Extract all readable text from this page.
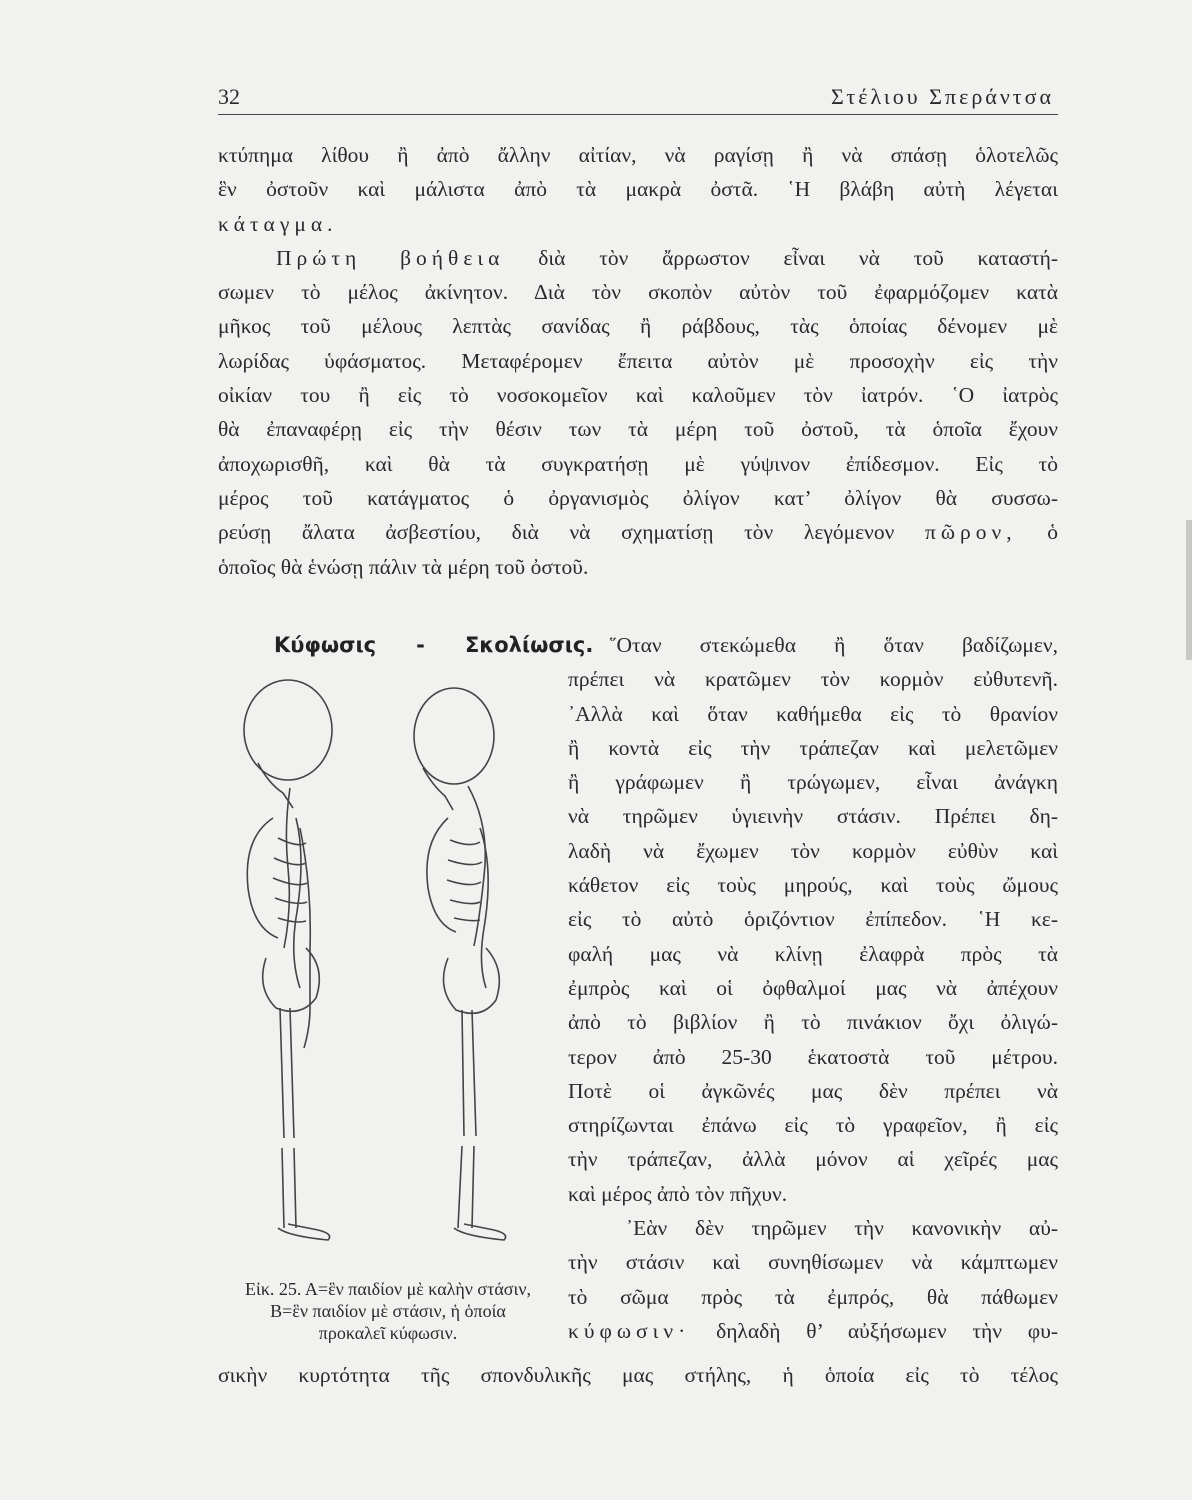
32	Στέλιου Σπεράντσα
κτύπημα λίθου ἢ ἀπὸ ἄλλην αἰτίαν, νὰ ραγίσῃ ἢ νὰ σπάσῃ ὁλοτελῶς
ἓν ὀστοῦν καὶ μάλιστα ἀπὸ τὰ μακρὰ ὀστᾶ. ῾Η βλάβη αὐτὴ λέγεται
κάταγμα.
Πρώτη βοήθεια διὰ τὸν ἄρρωστον εἶναι νὰ τοῦ καταστή-
σωμεν τὸ μέλος ἀκίνητον. Διὰ τὸν σκοπὸν αὐτὸν τοῦ ἐφαρμόζομεν κατὰ
μῆκος τοῦ μέλους λεπτὰς σανίδας ἢ ράβδους, τὰς ὁποίας δένομεν μὲ
λωρίδας ὑφάσματος. Μεταφέρομεν ἔπειτα αὐτὸν μὲ προσοχὴν εἰς τὴν
οἰκίαν του ἢ εἰς τὸ νοσοκομεῖον καὶ καλοῦμεν τὸν ἰατρόν. ῾Ο ἰατρὸς
θὰ ἐπαναφέρῃ εἰς τὴν θέσιν των τὰ μέρη τοῦ ὀστοῦ, τὰ ὁποῖα ἔχουν
ἀποχωρισθῆ, καὶ θὰ τὰ συγκρατήσῃ μὲ γύψινον ἐπίδεσμον. Εἰς τὸ
μέρος τοῦ κατάγματος ὁ ὀργανισμὸς ὀλίγον κατ’ ὀλίγον θὰ συσσω-
ρεύσῃ ἄλατα ἀσβεστίου, διὰ νὰ σχηματίσῃ τὸν λεγόμενον πῶρον, ὁ
ὁποῖος θὰ ἑνώσῃ πάλιν τὰ μέρη τοῦ ὀστοῦ.
Κύφωσις - Σκολίωσις. ῞Οταν στεκώμεθα ἢ ὅταν βαδίζωμεν,
πρέπει νὰ κρατῶμεν τὸν κορμὸν εὐθυτενῆ.
᾿Αλλὰ καὶ ὅταν καθήμεθα εἰς τὸ θρανίον
ἢ κοντὰ εἰς τὴν τράπεζαν καὶ μελετῶμεν
ἢ γράφωμεν ἢ τρώγωμεν, εἶναι ἀνάγκη
νὰ τηρῶμεν ὑγιεινὴν στάσιν. Πρέπει δη-
λαδὴ νὰ ἔχωμεν τὸν κορμὸν εὐθὺν καὶ
κάθετον εἰς τοὺς μηρούς, καὶ τοὺς ὤμους
εἰς τὸ αὐτὸ ὁριζόντιον ἐπίπεδον. ῾Η κε-
φαλή μας νὰ κλίνῃ ἐλαφρὰ πρὸς τὰ
ἐμπρὸς καὶ οἱ ὀφθαλμοί μας νὰ ἀπέχουν
ἀπὸ τὸ βιβλίον ἢ τὸ πινάκιον ὄχι ὀλιγώ-
τερον ἀπὸ 25-30 ἑκατοστὰ τοῦ μέτρου.
Ποτὲ οἱ ἀγκῶνές μας δὲν πρέπει νὰ
στηρίζωνται ἐπάνω εἰς τὸ γραφεῖον, ἢ εἰς
τὴν τράπεζαν, ἀλλὰ μόνον αἱ χεῖρές μας
καὶ μέρος ἀπὸ τὸν πῆχυν.
᾿Εὰν δὲν τηρῶμεν τὴν κανονικὴν αὐ-
τὴν στάσιν καὶ συνηθίσωμεν νὰ κάμπτωμεν
τὸ σῶμα πρὸς τὰ ἐμπρός, θὰ πάθωμεν
κύφωσιν· δηλαδὴ θ’ αὐξήσωμεν τὴν φυ-
Εἰκ. 25. Α=ἓν παιδίον μὲ καλὴν στάσιν, Β=ἓν παιδίον μὲ στάσιν, ἡ ὁποία προκαλεῖ κύφωσιν.
σικὴν κυρτότητα τῆς σπονδυλικῆς μας στήλης, ἡ ὁποία εἰς τὸ τέλος
